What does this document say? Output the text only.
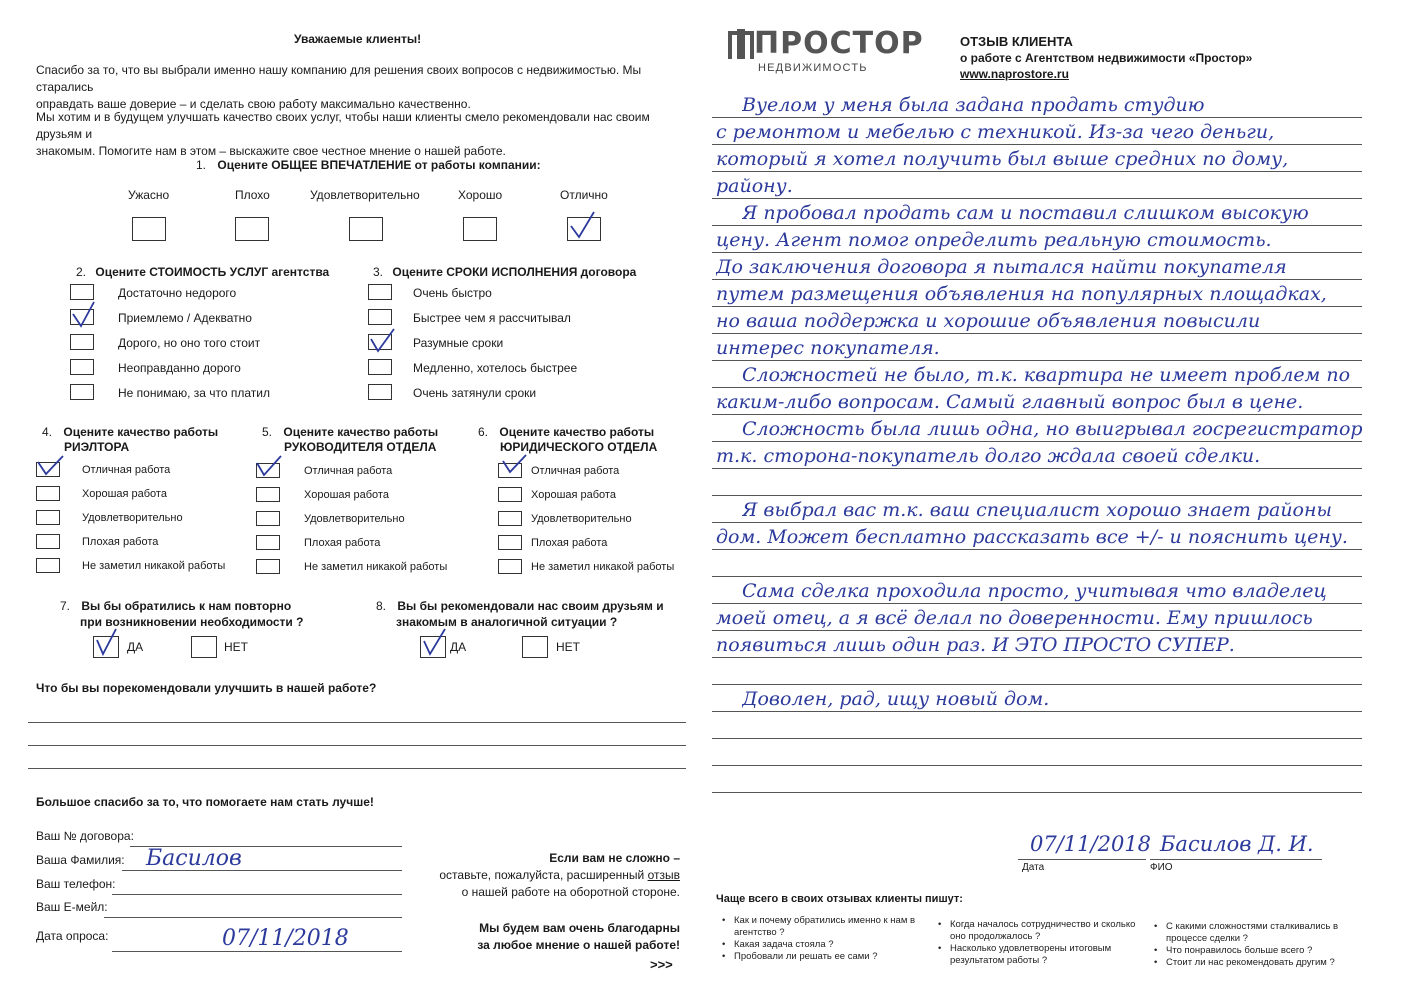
Уважаемые клиенты!
Спасибо за то, что вы выбрали именно нашу компанию для решения своих вопросов с недвижимостью. Мы старались
оправдать ваше доверие – и сделать свою работу максимально качественно.
Мы хотим и в будущем улучшать качество своих услуг, чтобы наши клиенты смело рекомендовали нас своим друзьям и
знакомым. Помогите нам в этом – выскажите свое честное мнение о нашей работе.
1. Оцените ОБЩЕЕ ВПЕЧАТЛЕНИЕ от работы компании:
Ужасно	Плохо	Удовлетворительно	Хорошо	Отлично
2. Оцените СТОИМОСТЬ УСЛУГ агентства
Достаточно недорого
Приемлемо / Адекватно
Дорого, но оно того стоит
Неоправданно дорого
Не понимаю, за что платил
3. Оцените СРОКИ ИСПОЛНЕНИЯ договора
Очень быстро
Быстрее чем я рассчитывал
Разумные сроки
Медленно, хотелось быстрее
Очень затянули сроки
4. Оцените качество работы
РИЭЛТОРА
Отличная работа
Хорошая работа
Удовлетворительно
Плохая работа
Не заметил никакой работы
5. Оцените качество работы
РУКОВОДИТЕЛЯ ОТДЕЛА
Отличная работа
Хорошая работа
Удовлетворительно
Плохая работа
Не заметил никакой работы
6. Оцените качество работы
ЮРИДИЧЕСКОГО ОТДЕЛА
Отличная работа
Хорошая работа
Удовлетворительно
Плохая работа
Не заметил никакой работы
7. Вы бы обратились к нам повторно
при возникновении необходимости ?
ДА	НЕТ
8. Вы бы рекомендовали нас своим друзьям и
знакомым в аналогичной ситуации ?
ДА	НЕТ
Что бы вы порекомендовали улучшить в нашей работе?
Большое спасибо за то, что помогаете нам стать лучше!
Ваш № договора:
Ваша Фамилия: Басилов
Ваш телефон:
Ваш Е-мейл:
Дата опроса:	07/11/2018
Если вам не сложно –
оставьте, пожалуйста, расширенный отзыв
о нашей работе на оборотной стороне.
Мы будем вам очень благодарны
за любое мнение о нашей работе!
>>>
ПРОСТОР
НЕДВИЖИМОСТЬ
ОТЗЫВ КЛИЕНТА
о работе с Агентством недвижимости «Простор»
www.naprostore.ru
Вуелом у меня была задана продать студию
с ремонтом и мебелью с техникой. Из-за чего деньги,
который я хотел получить был выше средних по дому,
району.
Я пробовал продать сам и поставил слишком высокую
цену. Агент помог определить реальную стоимость.
До заключения договора я пытался найти покупателя
путем размещения объявления на популярных площадках,
но ваша поддержка и хорошие объявления повысили
интерес покупателя.
Сложностей не было, т.к. квартира не имеет проблем по
каким-либо вопросам. Самый главный вопрос был в цене.
Сложность была лишь одна, но выигрывал госрегистратор
т.к. сторона-покупатель долго ждала своей сделки.
Я выбрал вас т.к. ваш специалист хорошо знает районы
дом. Может бесплатно рассказать все +/- и пояснить цену.
Сама сделка проходила просто, учитывая что владелец
моей отец, а я всё делал по доверенности. Ему пришлось
появиться лишь один раз. И ЭТО ПРОСТО СУПЕР.
Доволен, рад, ищу новый дом.
07/11/2018
Дата
Басилов Д. И.
ФИО
Чаще всего в своих отзывах клиенты пишут:
• Как и почему обратились именно к нам в агентство ?
• Какая задача стояла ?
• Пробовали ли решать ее сами ?
• Когда началось сотрудничество и сколько оно продолжалось ?
• Насколько удовлетворены итоговым результатом работы ?
• С какими сложностями сталкивались в процессе сделки ?
• Что понравилось больше всего ?
• Стоит ли нас рекомендовать другим ?
